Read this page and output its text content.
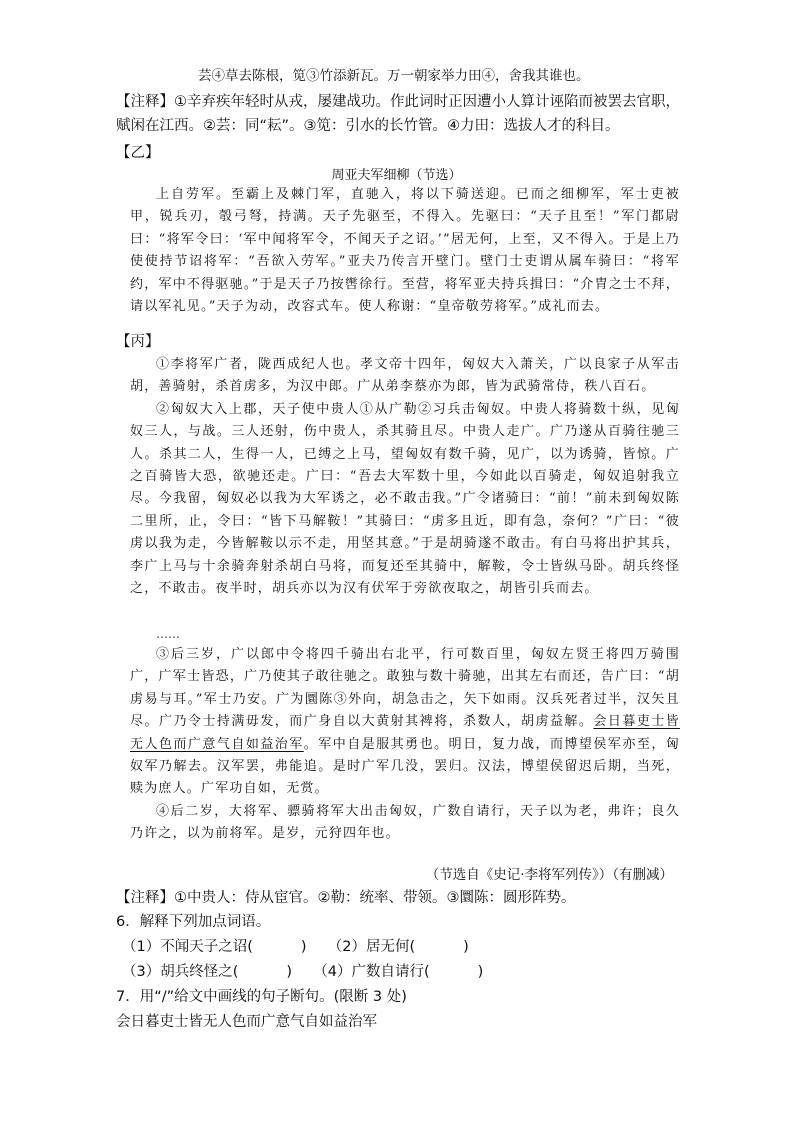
芸④草去陈根，笕③竹添新瓦。万一朝家举力田④，舍我其谁也。
【注释】①辛弃疾年轻时从戎，屡建战功。作此词时正因遭小人算计诬陷而被罢去官职，
赋闲在江西。②芸：同“耘”。③笕：引水的长竹管。④力田：选拔人才的科目。
【乙】
周亚夫军细柳（节选）

上自劳军。至霸上及棘门军，直驰入，将以下骑送迎。已而之细柳军，军士吏被甲，锐兵刃，彀弓弩，持满。天子先驱至，不得入。先驱曰：“天子且至！”军门都尉曰：“将军令曰：‘军中闻将军令，不闻天子之诏。’”居无何，上至，又不得入。于是上乃使使持节诏将军：“吾欲入劳军。”亚夫乃传言开壁门。壁门士吏谓从属车骑曰：“将军约，军中不得驱驰。”于是天子乃按辔徐行。至营，将军亚夫持兵揖曰：“介胄之士不拜，请以军礼见。”天子为动，改容式车。使人称谢：“皇帝敬劳将军。”成礼而去。

【丙】

①李将军广者，陇西成纪人也。孝文帝十四年，匈奴大入萧关，广以良家子从军击胡，善骑射，杀首虏多，为汉中郎。广从弟李蔡亦为郎，皆为武骑常侍，秩八百石。

②匈奴大入上郡，天子使中贵人①从广勒②习兵击匈奴。中贵人将骑数十纵，见匈奴三人，与战。三人还射，伤中贵人，杀其骑且尽。中贵人走广。广乃遂从百骑往驰三人。杀其二人，生得一人，已缚之上马，望匈奴有数千骑，见广，以为诱骑，皆惊。广之百骑皆大恐，欲驰还走。广曰：“吾去大军数十里，今如此以百骑走，匈奴追射我立尽。今我留，匈奴必以我为大军诱之，必不敢击我。”广令诸骑曰：“前！”前未到匈奴陈二里所，止，令曰：“皆下马解鞍！”其骑曰：“虏多且近，即有急，奈何？”广曰：“彼虏以我为走，今皆解鞍以示不走，用坚其意。”于是胡骑遂不敢击。有白马将出护其兵，李广上马与十余骑奔射杀胡白马将，而复还至其骑中，解鞍，令士皆纵马卧。胡兵终怪之，不敢击。夜半时，胡兵亦以为汉有伏军于旁欲夜取之，胡皆引兵而去。

……

③后三岁，广以郎中令将四千骑出右北平，行可数百里，匈奴左贤王将四万骑围广，广军士皆恐，广乃使其子敢往驰之。敢独与数十骑驰，出其左右而还，告广曰：“胡虏易与耳。”军士乃安。广为圜陈③外向，胡急击之，矢下如雨。汉兵死者过半，汉矢且尽。广乃令士持满毋发，而广身自以大黄射其裨将，杀数人，胡虏益解。会日暮吏士皆无人色而广意气自如益治军。军中自是服其勇也。明日，复力战，而博望侯军亦至，匈奴军乃解去。汉军罢，弗能追。是时广军几没，罢归。汉法，博望侯留迟后期，当死，赎为庶人。广军功自如，无赏。

④后二岁，大将军、骠骑将军大出击匈奴，广数自请行，天子以为老，弗许；良久乃许之，以为前将军。是岁，元狩四年也。

（节选自《史记·李将军列传》）（有删减）
【注释】①中贵人：侍从宦官。②勒：统率、带领。③圜陈：圆形阵势。
6．解释下列加点词语。
（1）不闻天子之诏(	) （2）居无何(	)
（3）胡兵终怪之(	) （4）广数自请行(	)
7．用“/”给文中画线的句子断句。(限断 3 处)
会日暮吏士皆无人色而广意气自如益治军
